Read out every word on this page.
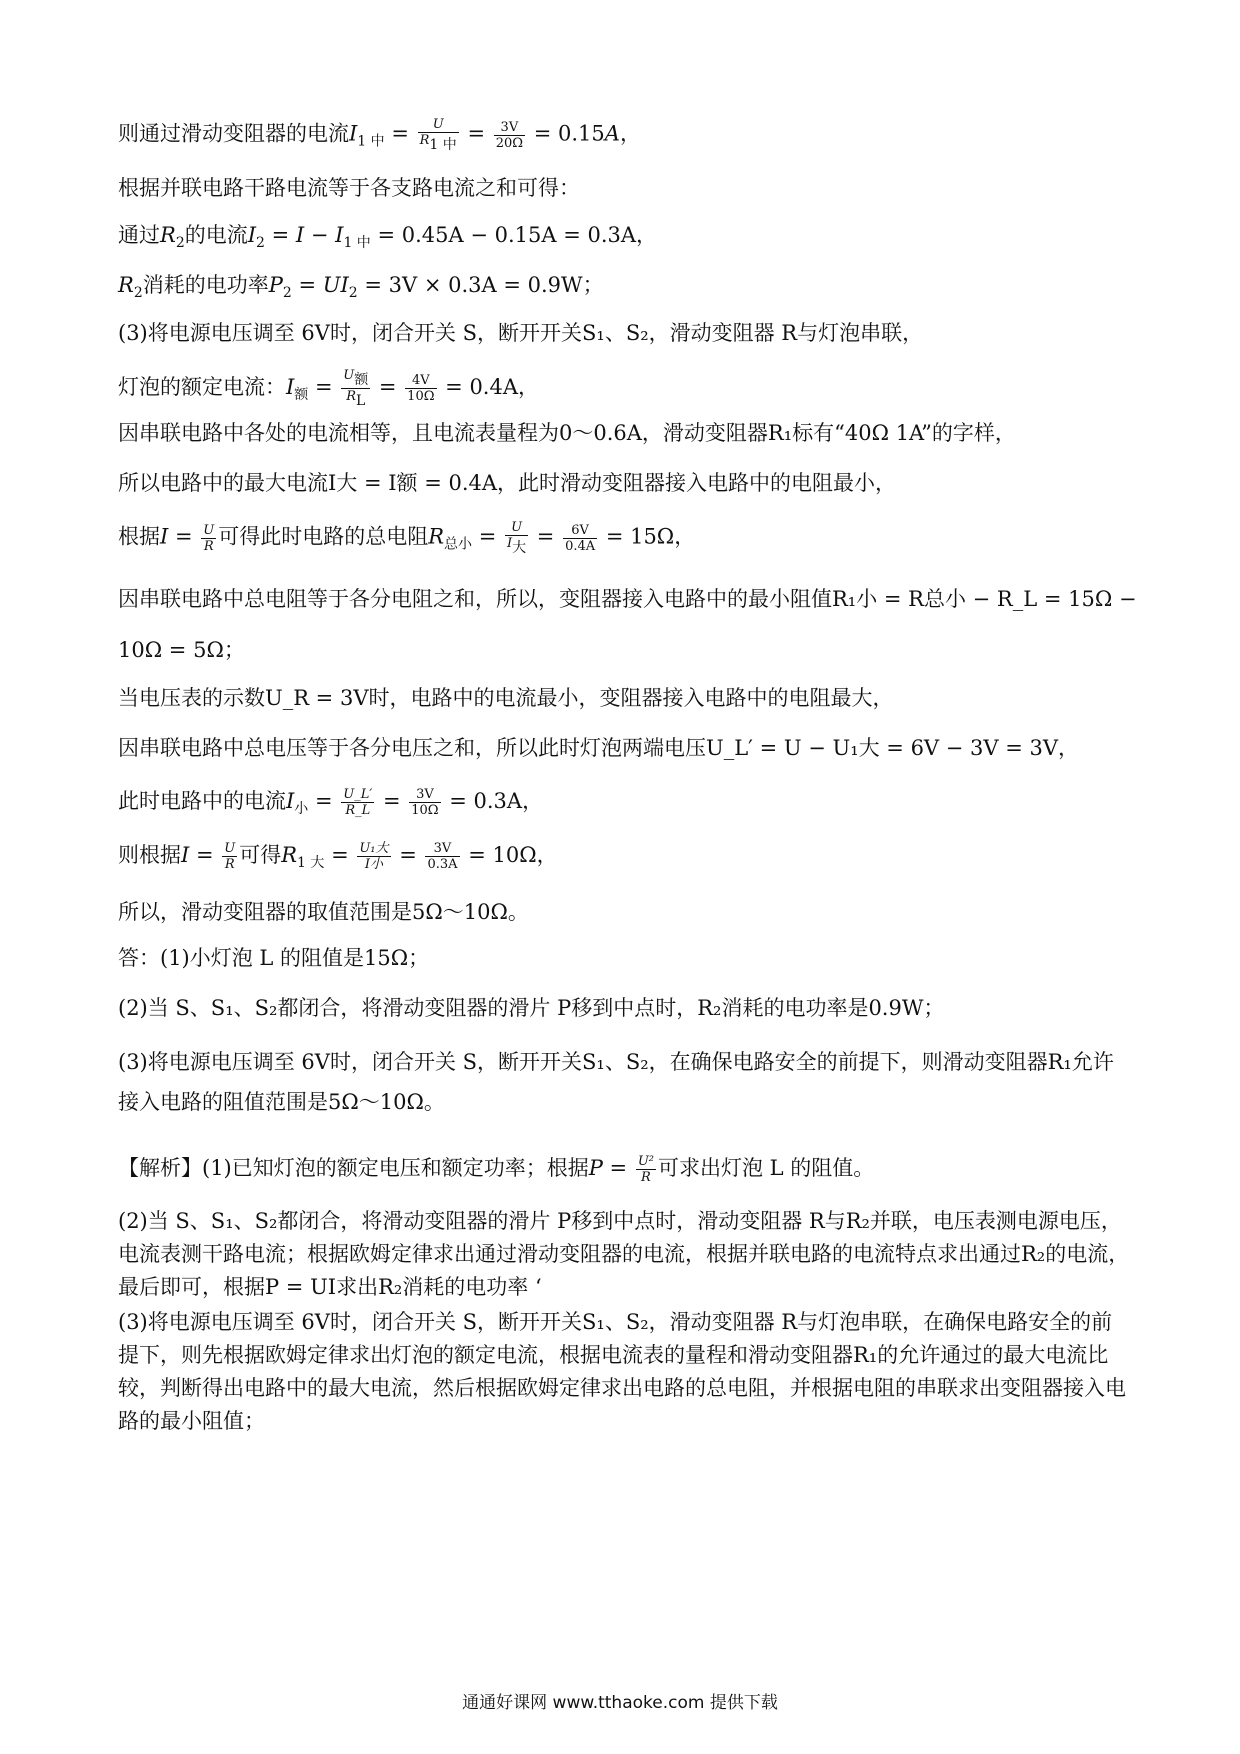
则通过滑动变阻器的电流$I_{1 中} = \frac{U}{\text{R1 中}} = \frac{3V}{20\Omega} = 0.15A$，
根据并联电路干路电流等于各支路电流之和可得：
通过$R_2$的电流$I_2 = I - I_{1 中} = 0.45A - 0.15A = 0.3A$，
$R_2$消耗的电功率$P_2 = UI_2 = 3V \times 0.3A = 0.9W$；
(3)将电源电压调至 6V时，闭合开关 S，断开开关S₁、S₂，滑动变阻器 R与灯泡串联，
灯泡的额定电流：$I_额 = \frac{\text{U额}}{RL} = \frac{4V}{10\Omega} = 0.4A$，
因串联电路中各处的电流相等，且电流表量程为0～0.6A，滑动变阻器R₁标有“40Ω 1A”的字样，
所以电路中的最大电流I大 = I额 = 0.4A，此时滑动变阻器接入电路中的电阻最小，
根据$I = \frac{U}{R}$ 可得此时电路的总电阻$R_{总小} = \frac{U}{\text{I大}} = \frac{6V}{0.4A} = 15\Omega$，
因串联电路中总电阻等于各分电阻之和，所以，变阻器接入电路中的最小阻值R₁小 = R总小 − R_L = 15Ω −
10Ω = 5Ω；
当电压表的示数U_R = 3V时，电路中的电流最小，变阻器接入电路中的电阻最大，
因串联电路中总电压等于各分电压之和，所以此时灯泡两端电压U_L′ = U − U₁大 = 6V − 3V = 3V，
此时电路中的电流$I_小 = \frac{U\_L'}{R\_L} = \frac{3V}{10\Omega} = 0.3A$，
则根据$I = \frac{U}{R}$ 可得$R_{1 大} = \frac{\text{U₁大}}{\text{I小}} = \frac{3V}{0.3A} = 10\Omega$，
所以，滑动变阻器的取值范围是5Ω～10Ω。
答：(1)小灯泡 L 的阻值是15Ω；
(2)当 S、S₁、S₂都闭合，将滑动变阻器的滑片 P移到中点时，R₂消耗的电功率是0.9W；
(3)将电源电压调至 6V时，闭合开关 S，断开开关S₁、S₂，在确保电路安全的前提下，则滑动变阻器R₁允许接入电路的阻值范围是5Ω～10Ω。
【解析】(1)已知灯泡的额定电压和额定功率；根据$P = \frac{\text{U²}}{R}$ 可求出灯泡 L 的阻值。
(2)当 S、S₁、S₂都闭合，将滑动变阻器的滑片 P移到中点时，滑动变阻器 R与R₂并联，电压表测电源电压，电流表测干路电流；根据欧姆定律求出通过滑动变阻器的电流，根据并联电路的电流特点求出通过R₂的电流，最后即可，根据P = UI求出R₂消耗的电功率 ‘
(3)将电源电压调至 6V时，闭合开关 S，断开开关S₁、S₂，滑动变阻器 R与灯泡串联，在确保电路安全的前提下，则先根据欧姆定律求出灯泡的额定电流，根据电流表的量程和滑动变阻器R₁的允许通过的最大电流比较，判断得出电路中的最大电流，然后根据欧姆定律求出电路的总电阻，并根据电阻的串联求出变阻器接入电路的最小阻值；
通通好课网 www.tthaoke.com 提供下载
